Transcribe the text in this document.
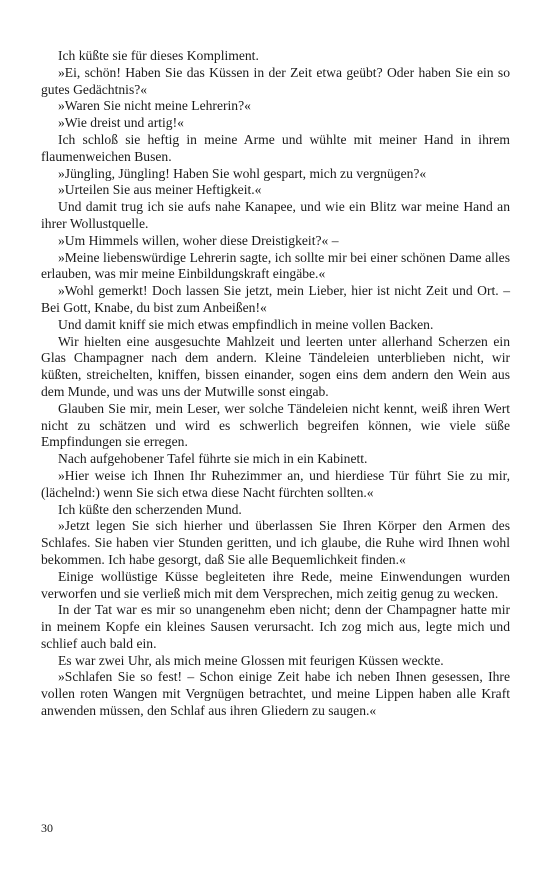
Ich küßte sie für dieses Kompliment.

»Ei, schön! Haben Sie das Küssen in der Zeit etwa geübt? Oder haben Sie ein so gutes Gedächtnis?«

»Waren Sie nicht meine Lehrerin?«

»Wie dreist und artig!«

Ich schloß sie heftig in meine Arme und wühlte mit meiner Hand in ihrem flaumenweichen Busen.

»Jüngling, Jüngling! Haben Sie wohl gespart, mich zu vergnügen?«

»Urteilen Sie aus meiner Heftigkeit.«

Und damit trug ich sie aufs nahe Kanapee, und wie ein Blitz war meine Hand an ihrer Wollustquelle.

»Um Himmels willen, woher diese Dreistigkeit?« –

»Meine liebenswürdige Lehrerin sagte, ich sollte mir bei einer schönen Dame alles erlauben, was mir meine Einbildungskraft eingäbe.«

»Wohl gemerkt! Doch lassen Sie jetzt, mein Lieber, hier ist nicht Zeit und Ort. – Bei Gott, Knabe, du bist zum Anbeißen!«

Und damit kniff sie mich etwas empfindlich in meine vollen Backen.

Wir hielten eine ausgesuchte Mahlzeit und leerten unter allerhand Scherzen ein Glas Champagner nach dem andern. Kleine Tändeleien unterblieben nicht, wir küßten, streichelten, kniffen, bissen einander, sogen eins dem andern den Wein aus dem Munde, und was uns der Mutwille sonst eingab.

Glauben Sie mir, mein Leser, wer solche Tändeleien nicht kennt, weiß ihren Wert nicht zu schätzen und wird es schwerlich begreifen können, wie viele süße Empfindungen sie erregen.

Nach aufgehobener Tafel führte sie mich in ein Kabinett.

»Hier weise ich Ihnen Ihr Ruhezimmer an, und hierdiese Tür führt Sie zu mir, (lächelnd:) wenn Sie sich etwa diese Nacht fürchten sollten.«

Ich küßte den scherzenden Mund.

»Jetzt legen Sie sich hierher und überlassen Sie Ihren Körper den Armen des Schlafes. Sie haben vier Stunden geritten, und ich glaube, die Ruhe wird Ihnen wohl bekommen. Ich habe gesorgt, daß Sie alle Bequemlichkeit finden.«

Einige wollüstige Küsse begleiteten ihre Rede, meine Einwendungen wurden verworfen und sie verließ mich mit dem Versprechen, mich zeitig genug zu wecken.

In der Tat war es mir so unangenehm eben nicht; denn der Champagner hatte mir in meinem Kopfe ein kleines Sausen verursacht. Ich zog mich aus, legte mich und schlief auch bald ein.

Es war zwei Uhr, als mich meine Glossen mit feurigen Küssen weckte.

»Schlafen Sie so fest! – Schon einige Zeit habe ich neben Ihnen gesessen, Ihre vollen roten Wangen mit Vergnügen betrachtet, und meine Lippen haben alle Kraft anwenden müssen, den Schlaf aus ihren Gliedern zu saugen.«

30
